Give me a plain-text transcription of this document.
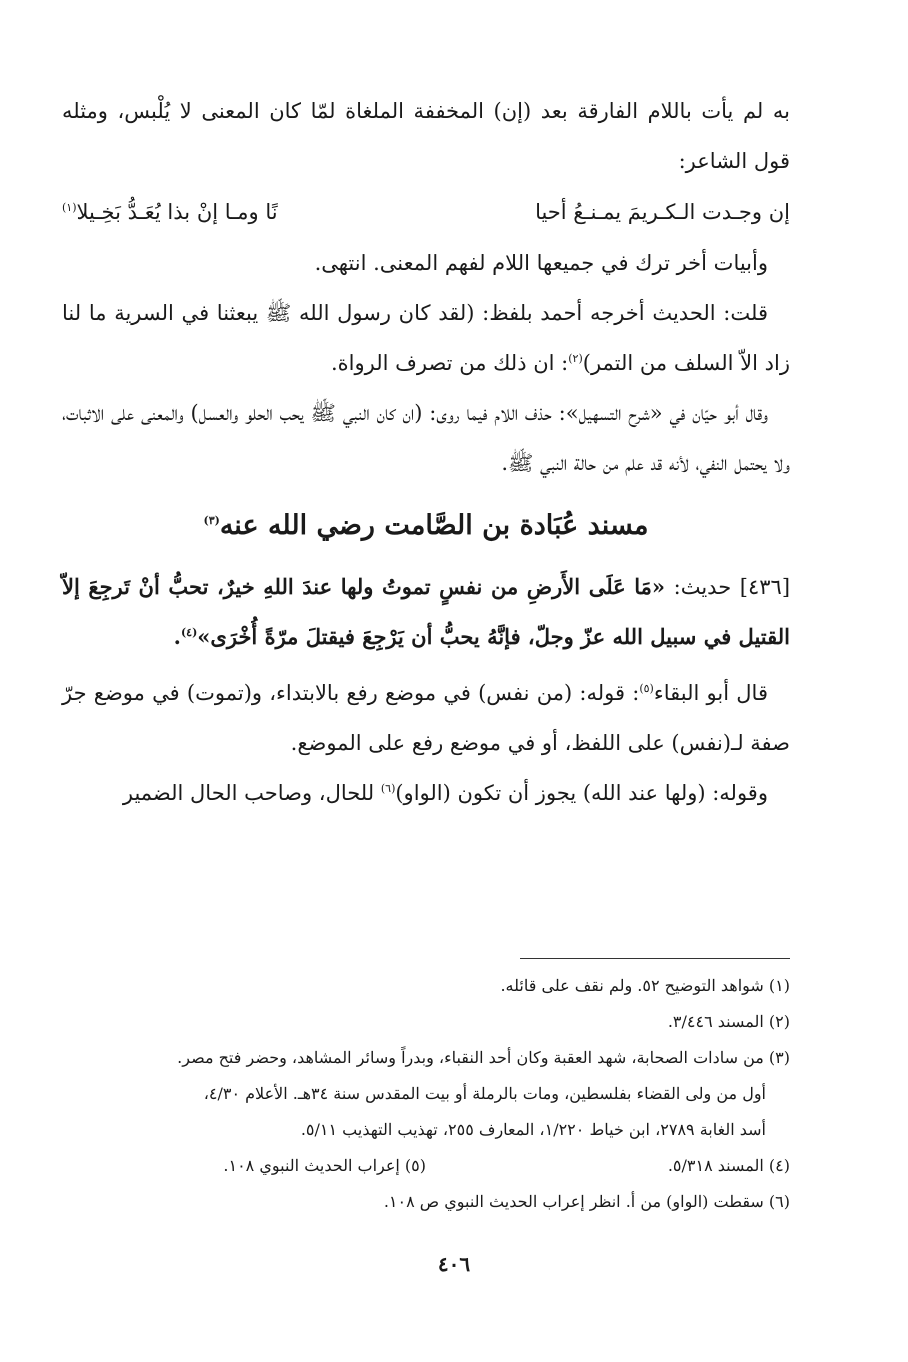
به لم يأت باللام الفارقة بعد (إن) المخففة الملغاة لمّا كان المعنى لا يُلْبس، ومثله قول الشاعر:

إن وجـدت الـكـريمَ يمـنـعُ أحيا
نًا ومـا إنْ بذا يُعَـدُّ بَخِـيلا$^{(١)}$

وأبيات أخر ترك في جميعها اللام لفهم المعنى. انتهى.

قلت: الحديث أخرجه أحمد بلفظ: (لقد كان رسول الله ﷺ يبعثنا في السرية ما لنا زاد الاّ السلف من التمر)$^{(٢)}$: ان ذلك من تصرف الرواة.

وقال أبو حيّان في «شرح التسهيل»: حذف اللام فيما روى: (ان كان النبي ﷺ يحب الحلو والعسل) والمعنى على الاثبات، ولا يحتمل النفي، لأنه قد علم من حالة النبي ﷺ.

مسند عُبَادة بن الصَّامت رضي الله عنه$^{(٣)}$

[٤٣٦] حديث: «مَا عَلَى الأَرضِ من نفسٍ تموتُ ولها عندَ اللهِ خيرٌ، تحبُّ أنْ تَرجِعَ إلاّ القتيل في سبيل الله عزّ وجلّ، فإنَّهُ يحبُّ أن يَرْجِعَ فيقتلَ مرّةً أُخْرَى»$^{(٤)}$.

قال أبو البقاء$^{(٥)}$: قوله: (من نفس) في موضع رفع بالابتداء، و(تموت) في موضع جرّ صفة لـ(نفس) على اللفظ، أو في موضع رفع على الموضع.

وقوله: (ولها عند الله) يجوز أن تكون (الواو)$^{(٦)}$ للحال، وصاحب الحال الضمير

(١) شواهد التوضيح ٥٢. ولم نقف على قائله.

(٢) المسند ٣/٤٤٦.

(٣) من سادات الصحابة، شهد العقبة وكان أحد النقباء، وبدراً وسائر المشاهد، وحضر فتح مصر.

أول من ولى القضاء بفلسطين، ومات بالرملة أو بيت المقدس سنة ٣٤هـ. الأعلام ٤/٣٠،

أسد الغابة ٢٧٨٩، ابن خياط ١/٢٢٠، المعارف ٢٥٥، تهذيب التهذيب ٥/١١.

(٤) المسند ٥/٣١٨.

(٥) إعراب الحديث النبوي ١٠٨.

(٦) سقطت (الواو) من أ. انظر إعراب الحديث النبوي ص ١٠٨.

٤٠٦
